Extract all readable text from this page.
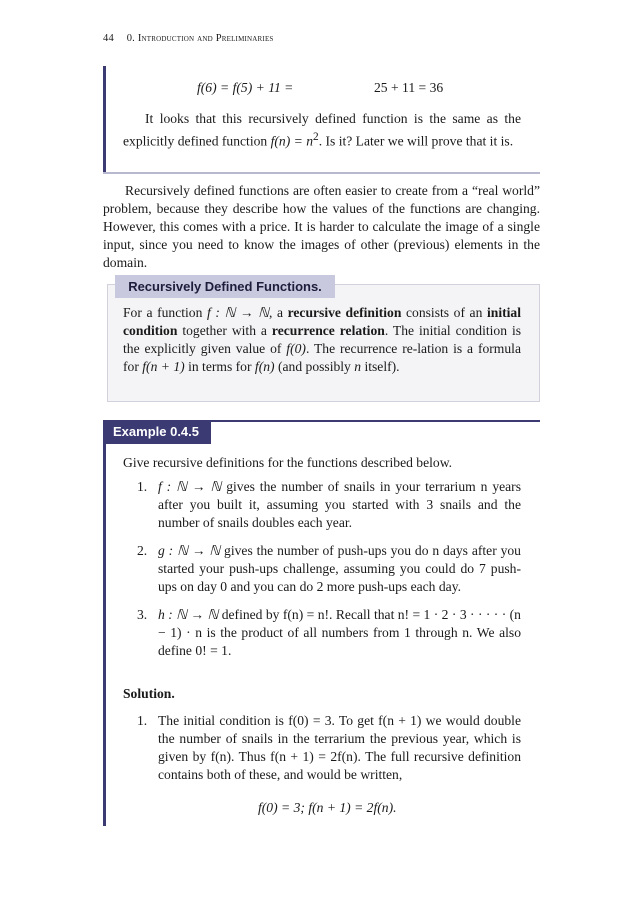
44 0. Introduction and Preliminaries
f(6) = f(5) + 11 =	25 + 11 = 36

It looks that this recursively defined function is the same as the explicitly defined function $f(n) = n^2$. Is it? Later we will prove that it is.

Recursively defined functions are often easier to create from a “real world” problem, because they describe how the values of the functions are changing. However, this comes with a price. It is harder to calculate the image of a single input, since you need to know the images of other (previous) elements in the domain.

Recursively Defined Functions.

For a function f : ℕ → ℕ, a recursive definition consists of an initial condition together with a recurrence relation. The initial condition is the explicitly given value of f(0). The recurrence re-lation is a formula for f(n + 1) in terms for f(n) (and possibly n itself).

Example 0.4.5

Give recursive definitions for the functions described below.

1. f : ℕ → ℕ gives the number of snails in your terrarium n years after you built it, assuming you started with 3 snails and the number of snails doubles each year.
2. g : ℕ → ℕ gives the number of push-ups you do n days after you started your push-ups challenge, assuming you could do 7 push-ups on day 0 and you can do 2 more push-ups each day.
3. h : ℕ → ℕ defined by f(n) = n!. Recall that n! = 1 · 2 · 3 · · · · · (n − 1) · n is the product of all numbers from 1 through n. We also define 0! = 1.
Solution.
1. The initial condition is f(0) = 3. To get f(n + 1) we would double the number of snails in the terrarium the previous year, which is given by f(n). Thus f(n + 1) = 2f(n). The full recursive definition contains both of these, and would be written,
f(0) = 3; f(n + 1) = 2f(n).
